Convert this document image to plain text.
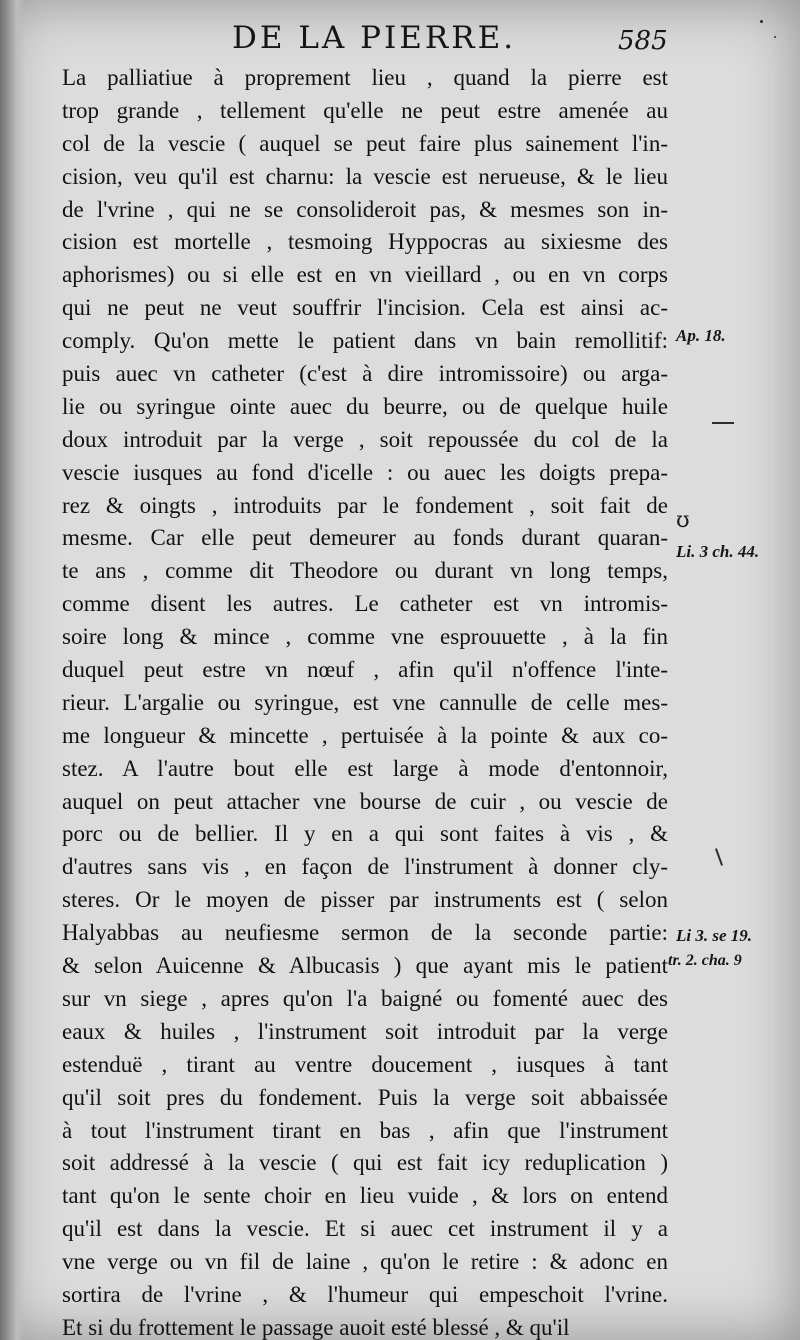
DE LA PIERRE.	585
La palliatiue à proprement lieu , quand la pierre est
trop grande , tellement qu'elle ne peut estre amenée au
col de la vescie ( auquel se peut faire plus sainement l'in-
cision, veu qu'il est charnu: la vescie est nerueuse, & le lieu
de l'vrine , qui ne se consolideroit pas, & mesmes son in-
cision est mortelle , tesmoing Hyppocras au sixiesme des
aphorismes) ou si elle est en vn vieillard , ou en vn corps
qui ne peut ne veut souffrir l'incision. Cela est ainsi ac-
comply. Qu'on mette le patient dans vn bain remollitif:
puis auec vn catheter (c'est à dire intromissoire) ou arga-
lie ou syringue ointe auec du beurre, ou de quelque huile
doux introduit par la verge , soit repoussée du col de la
vescie iusques au fond d'icelle : ou auec les doigts prepa-
rez & oingts , introduits par le fondement , soit fait de
mesme. Car elle peut demeurer au fonds durant quaran-
te ans , comme dit Theodore ou durant vn long temps,
comme disent les autres. Le catheter est vn intromis-
soire long & mince , comme vne esprouuette , à la fin
duquel peut estre vn nœuf , afin qu'il n'offence l'inte-
rieur. L'argalie ou syringue, est vne cannulle de celle mes-
me longueur & mincette , pertuisée à la pointe & aux co-
stez. A l'autre bout elle est large à mode d'entonnoir,
auquel on peut attacher vne bourse de cuir , ou vescie de
porc ou de bellier. Il y en a qui sont faites à vis , &
d'autres sans vis , en façon de l'instrument à donner cly-
steres. Or le moyen de pisser par instruments est ( selon
Halyabbas au neufiesme sermon de la seconde partie:
& selon Auicenne & Albucasis ) que ayant mis le patient
sur vn siege , apres qu'on l'a baigné ou fomenté auec des
eaux & huiles , l'instrument soit introduit par la verge
estenduë , tirant au ventre doucement , iusques à tant
qu'il soit pres du fondement. Puis la verge soit abbaissée
à tout l'instrument tirant en bas , afin que l'instrument
soit addressé à la vescie ( qui est fait icy reduplication )
tant qu'on le sente choir en lieu vuide , & lors on entend
qu'il est dans la vescie. Et si auec cet instrument il y a
vne verge ou vn fil de laine , qu'on le retire : & adonc en
sortira de l'vrine , & l'humeur qui empeschoit l'vrine.
Et si du frottement le passage auoit esté blessé , & qu'il
Ap. 18.
ʊ
Li. 3 ch. 44.
Li 3. se 19.
tr. 2. cha. 9
